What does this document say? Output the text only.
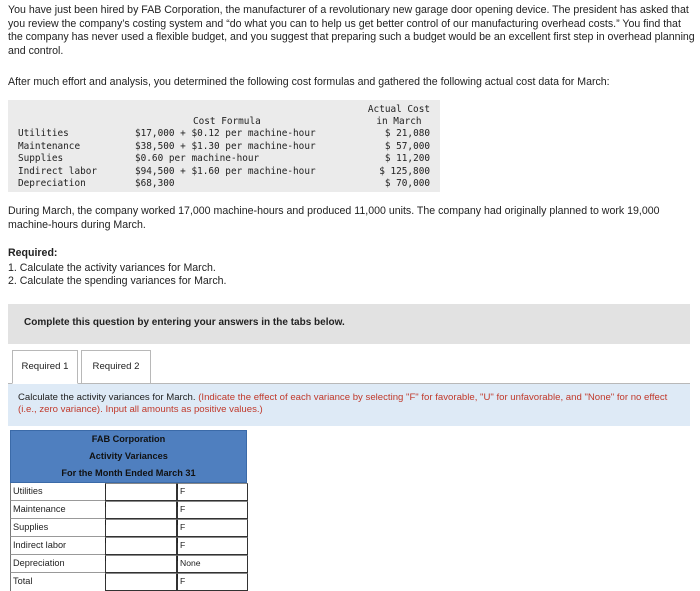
You have just been hired by FAB Corporation, the manufacturer of a revolutionary new garage door opening device. The president has asked that you review the company’s costing system and “do what you can to help us get better control of our manufacturing overhead costs.” You find that the company has never used a flexible budget, and you suggest that preparing such a budget would be an excellent first step in overhead planning and control.
After much effort and analysis, you determined the following cost formulas and gathered the following actual cost data for March:
Cost Formula
Actual Cost
in March
Utilities	$17,000 + $0.12 per machine-hour	$ 21,080
Maintenance	$38,500 + $1.30 per machine-hour	$ 57,000
Supplies	$0.60 per machine-hour	$ 11,200
Indirect labor	$94,500 + $1.60 per machine-hour	$ 125,800
Depreciation	$68,300	$ 70,000
During March, the company worked 17,000 machine-hours and produced 11,000 units. The company had originally planned to work 19,000 machine-hours during March.
Required:
1. Calculate the activity variances for March.
2. Calculate the spending variances for March.
Complete this question by entering your answers in the tabs below.
Required 1	Required 2
Calculate the activity variances for March. (Indicate the effect of each variance by selecting "F" for favorable, "U" for unfavorable, and "None" for no effect (i.e., zero variance). Input all amounts as positive values.)
FAB Corporation
Activity Variances
For the Month Ended March 31
Utilities	F
Maintenance	F
Supplies	F
Indirect labor	F
Depreciation	None
Total	F
